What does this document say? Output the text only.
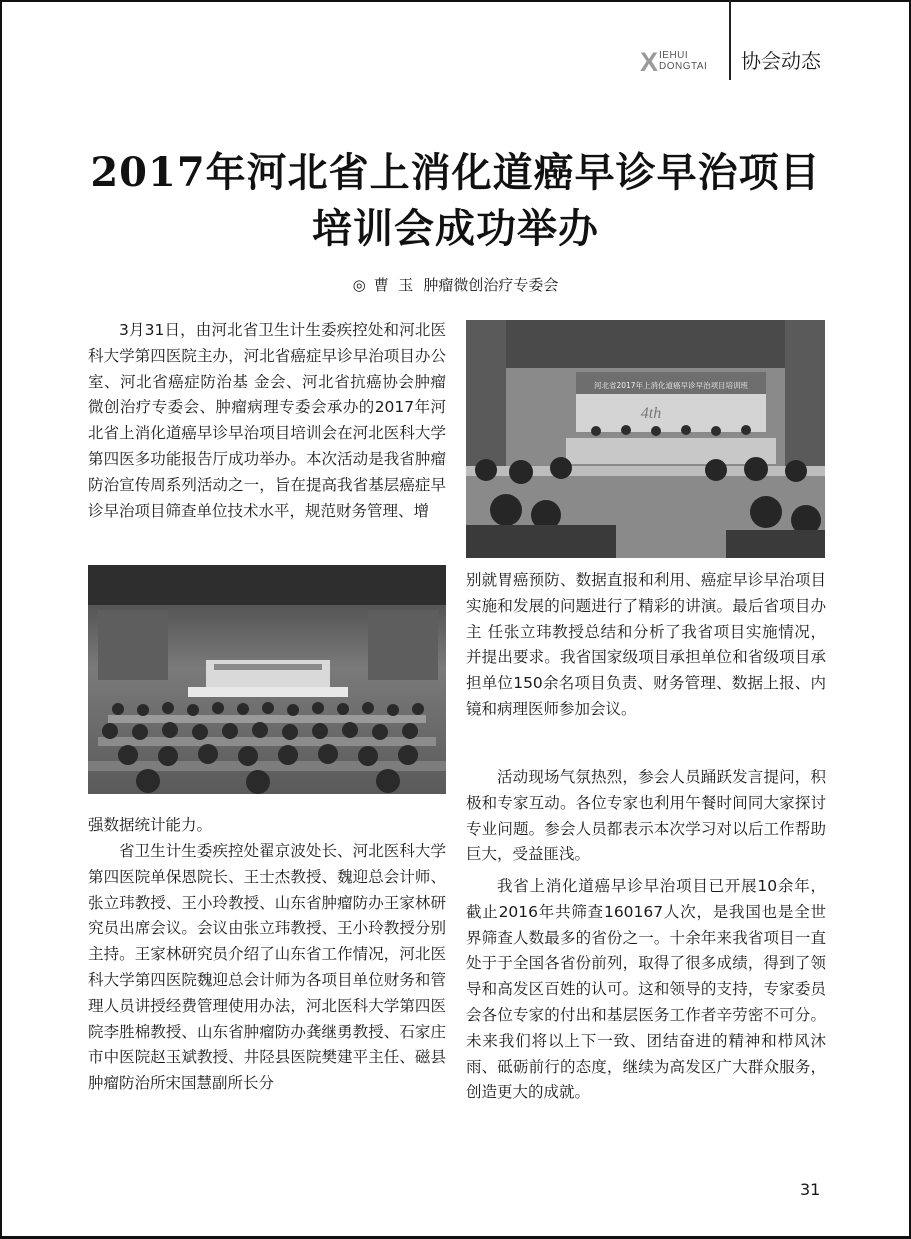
X IEHUI
DONGTAI 协会动态
2017年河北省上消化道癌早诊早治项目
培训会成功举办
◎ 曹  玉 肿瘤微创治疗专委会

3月31日，由河北省卫生计生委疾控处和河北医科大学第四医院主办，河北省癌症早诊早治项目办公室、河北省癌症防治基 金会、河北省抗癌协会肿瘤微创治疗专委会、肿瘤病理专委会承办的2017年河北省上消化道癌早诊早治项目培训会在河北医科大学第四医多功能报告厅成功举办。本次活动是我省肿瘤防治宣传周系列活动之一，旨在提高我省基层癌症早诊早治项目筛查单位技术水平，规范财务管理、增

强数据统计能力。

省卫生计生委疾控处翟京波处长、河北医科大学第四医院单保恩院长、王士杰教授、魏迎总会计师、张立玮教授、王小玲教授、山东省肿瘤防办王家林研究员出席会议。会议由张立玮教授、王小玲教授分别主持。王家林研究员介绍了山东省工作情况，河北医科大学第四医院魏迎总会计师为各项目单位财务和管理人员讲授经费管理使用办法，河北医科大学第四医院李胜棉教授、山东省肿瘤防办龚继勇教授、石家庄市中医院赵玉斌教授、井陉县医院樊建平主任、磁县肿瘤防治所宋国慧副所长分

河北省2017年上消化道癌早诊早治项目培训班
4th

别就胃癌预防、数据直报和利用、癌症早诊早治项目实施和发展的问题进行了精彩的讲演。最后省项目办主 任张立玮教授总结和分析了我省项目实施情况，并提出要求。我省国家级项目承担单位和省级项目承担单位150余名项目负责、财务管理、数据上报、内镜和病理医师参加会议。

活动现场气氛热烈，参会人员踊跃发言提问，积极和专家互动。各位专家也利用午餐时间同大家探讨专业问题。参会人员都表示本次学习对以后工作帮助巨大，受益匪浅。

我省上消化道癌早诊早治项目已开展10余年，截止2016年共筛查160167人次，是我国也是全世界筛查人数最多的省份之一。十余年来我省项目一直处于于全国各省份前列，取得了很多成绩，得到了领导和高发区百姓的认可。这和领导的支持，专家委员会各位专家的付出和基层医务工作者辛劳密不可分。未来我们将以上下一致、团结奋进的精神和栉风沐雨、砥砺前行的态度，继续为高发区广大群众服务，创造更大的成就。

31
